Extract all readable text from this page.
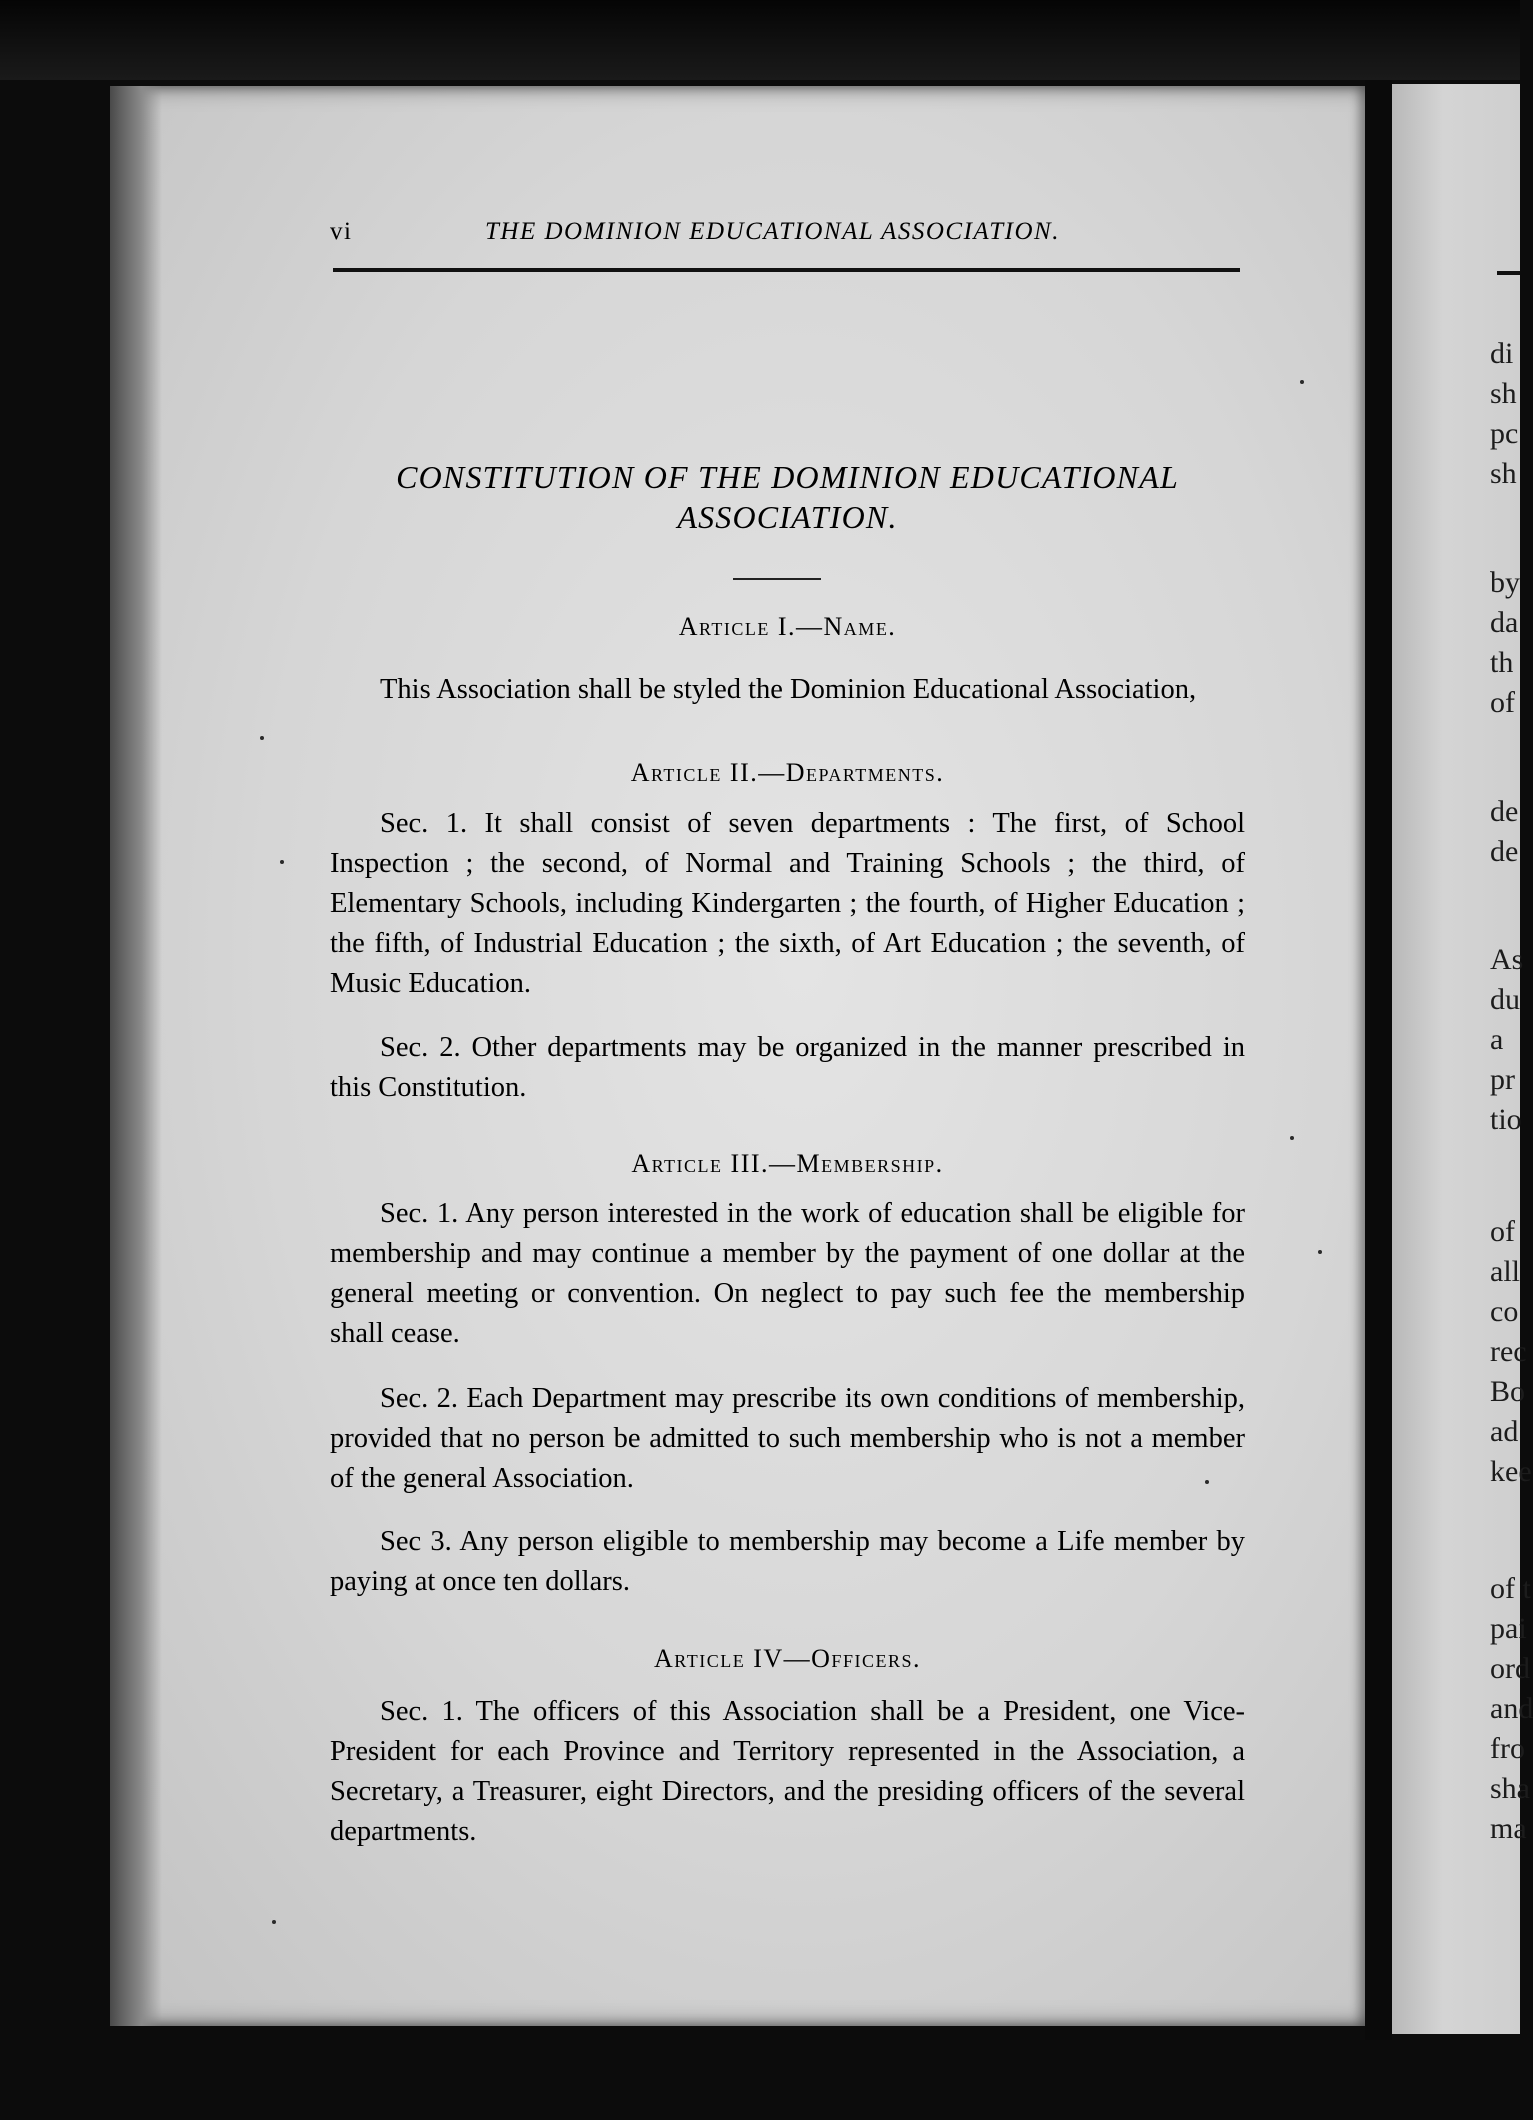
di
sh
pc
sh
by
da
th
of
de
de
As
du
a
pr
tio
of
all
co
rec
Bo
ad
kee
of t
pai
ord
and
fro
sha
ma
vi	THE DOMINION EDUCATIONAL ASSOCIATION.
CONSTITUTION OF THE DOMINION EDUCATIONAL
ASSOCIATION.
Article I.—Name.

This Association shall be styled the Dominion Educational Association,

Article II.—Departments.

Sec. 1. It shall consist of seven departments : The first, of School Inspection ; the second, of Normal and Training Schools ; the third, of Elementary Schools, including Kindergarten ; the fourth, of Higher Education ; the fifth, of Industrial Education ; the sixth, of Art Education ; the seventh, of Music Education.

Sec. 2. Other departments may be organized in the manner prescribed in this Constitution.

Article III.—Membership.

Sec. 1. Any person interested in the work of education shall be eligible for membership and may continue a member by the payment of one dollar at the general meeting or convention. On neglect to pay such fee the membership shall cease.

Sec. 2. Each Department may prescribe its own conditions of membership, provided that no person be admitted to such membership who is not a member of the general Association.

Sec 3. Any person eligible to membership may become a Life member by paying at once ten dollars.

Article IV—Officers.

Sec. 1. The officers of this Association shall be a President, one Vice-President for each Province and Territory represented in the Association, a Secretary, a Treasurer, eight Directors, and the presiding officers of the several departments.
